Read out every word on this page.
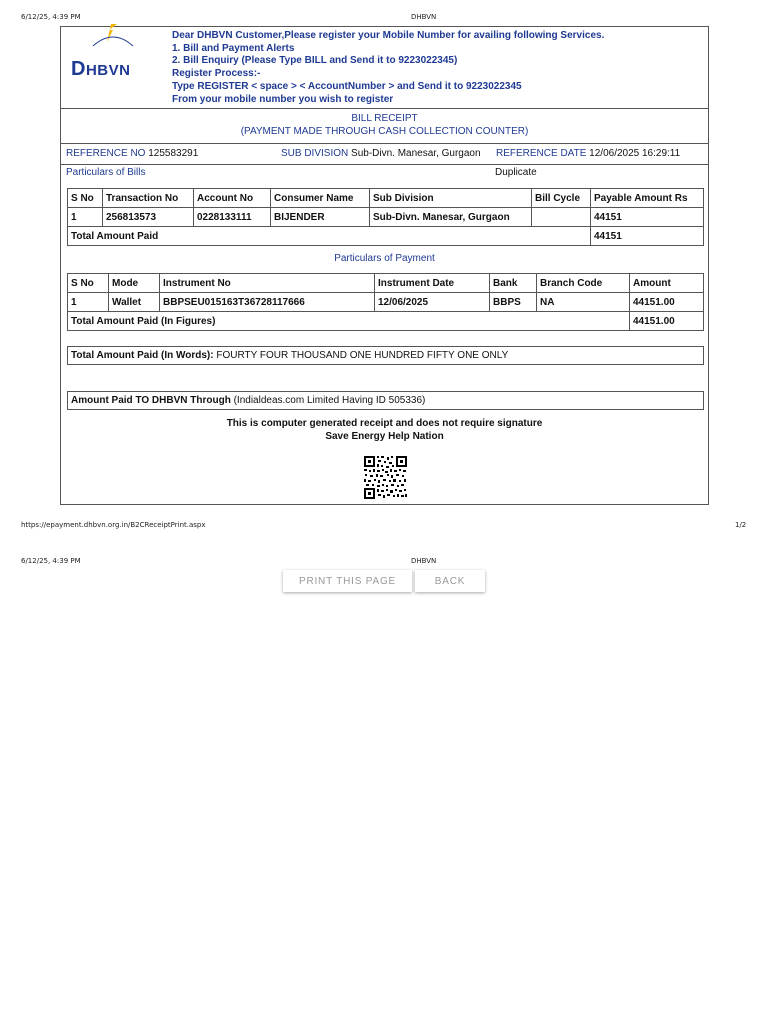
6/12/25, 4:39 PM	DHBVN
DHBVN
Dear DHBVN Customer,Please register your Mobile Number for availing following Services.
1. Bill and Payment Alerts
2. Bill Enquiry (Please Type BILL and Send it to 9223022345)
Register Process:-
Type REGISTER < space > < AccountNumber > and Send it to 9223022345
From your mobile number you wish to register
BILL RECEIPT
(PAYMENT MADE THROUGH CASH COLLECTION COUNTER)
REFERENCE NO 125583291	SUB DIVISION Sub-Divn. Manesar, Gurgaon REFERENCE DATE 12/06/2025 16:29:11
Particulars of Bills	Duplicate
S No	Transaction No	Account No	Consumer Name	Sub Division	Bill Cycle	Payable Amount Rs
1	256813573	0228133111	BIJENDER	Sub-Divn. Manesar, Gurgaon		44151
Total Amount Paid						44151
Particulars of Payment
S No	Mode	Instrument No	Instrument Date	Bank	Branch Code	Amount
1	Wallet	BBPSEU015163T36728117666	12/06/2025	BBPS	NA	44151.00
Total Amount Paid (In Figures)						44151.00
Total Amount Paid (In Words): FOURTY FOUR THOUSAND ONE HUNDRED FIFTY ONE ONLY
Amount Paid TO DHBVN Through (Indialdeas.com Limited Having ID 505336)
This is computer generated receipt and does not require signature
Save Energy Help Nation
https://epayment.dhbvn.org.in/B2CReceiptPrint.aspx	1/2
6/12/25, 4:39 PM	DHBVN
PRINT THIS PAGE	BACK
